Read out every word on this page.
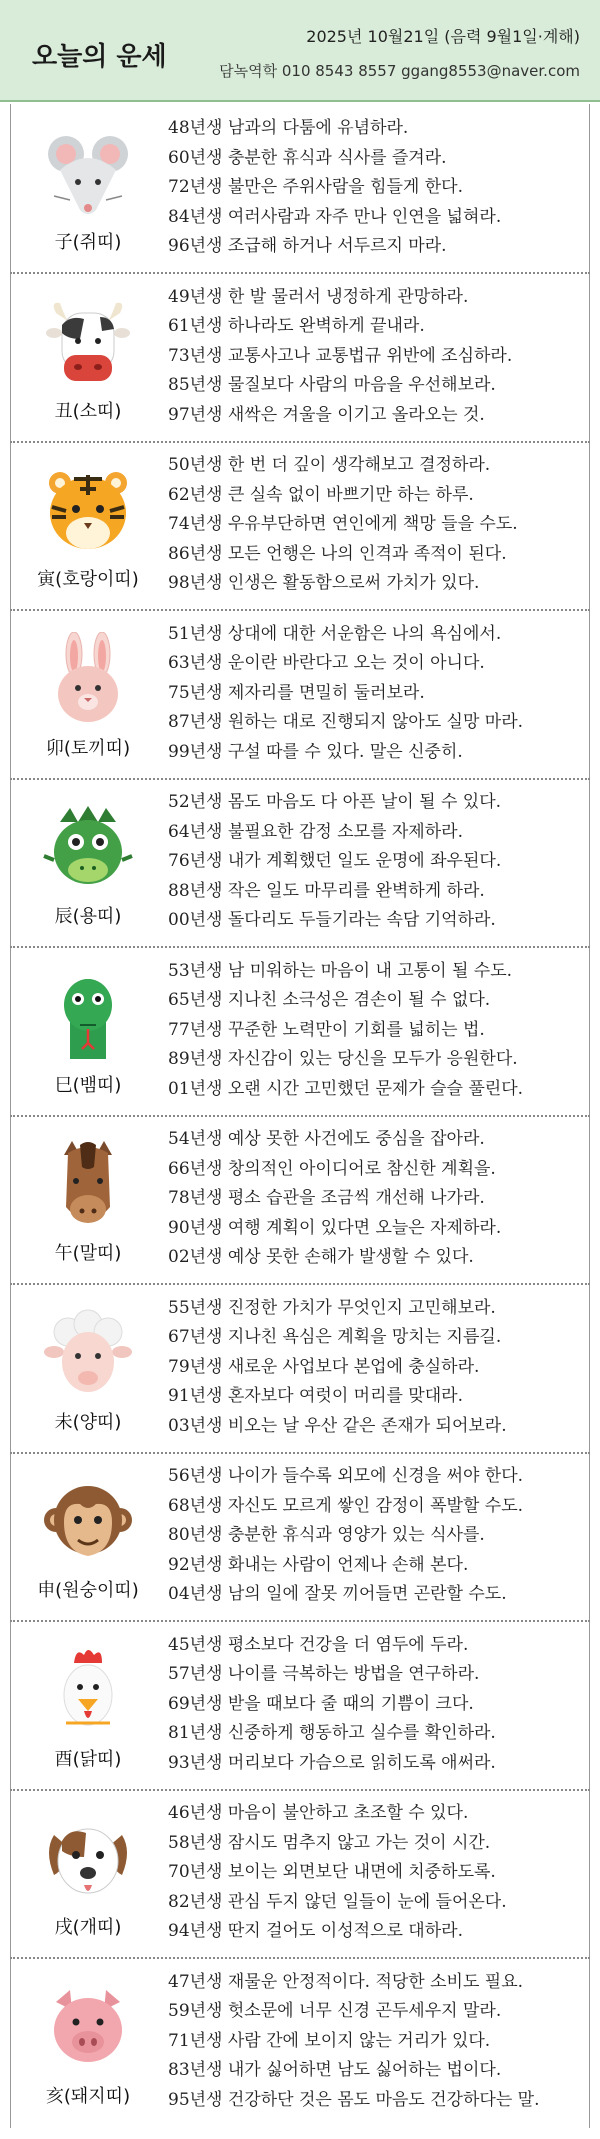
오늘의 운세
2025년 10월21일 (음력 9월1일·계해)
담녹역학 010 8543 8557 ggang8553@naver.com
子(쥐띠)
48년생 남과의 다툼에 유념하라.
60년생 충분한 휴식과 식사를 즐겨라.
72년생 불만은 주위사람을 힘들게 한다.
84년생 여러사람과 자주 만나 인연을 넓혀라.
96년생 조급해 하거나 서두르지 마라.
丑(소띠)
49년생 한 발 물러서 냉정하게 관망하라.
61년생 하나라도 완벽하게 끝내라.
73년생 교통사고나 교통법규 위반에 조심하라.
85년생 물질보다 사람의 마음을 우선해보라.
97년생 새싹은 겨울을 이기고 올라오는 것.
寅(호랑이띠)
50년생 한 번 더 깊이 생각해보고 결정하라.
62년생 큰 실속 없이 바쁘기만 하는 하루.
74년생 우유부단하면 연인에게 책망 들을 수도.
86년생 모든 언행은 나의 인격과 족적이 된다.
98년생 인생은 활동함으로써 가치가 있다.
卯(토끼띠)
51년생 상대에 대한 서운함은 나의 욕심에서.
63년생 운이란 바란다고 오는 것이 아니다.
75년생 제자리를 면밀히 둘러보라.
87년생 원하는 대로 진행되지 않아도 실망 마라.
99년생 구설 따를 수 있다. 말은 신중히.
辰(용띠)
52년생 몸도 마음도 다 아픈 날이 될 수 있다.
64년생 불필요한 감정 소모를 자제하라.
76년생 내가 계획했던 일도 운명에 좌우된다.
88년생 작은 일도 마무리를 완벽하게 하라.
00년생 돌다리도 두들기라는 속담 기억하라.
巳(뱀띠)
53년생 남 미워하는 마음이 내 고통이 될 수도.
65년생 지나친 소극성은 겸손이 될 수 없다.
77년생 꾸준한 노력만이 기회를 넓히는 법.
89년생 자신감이 있는 당신을 모두가 응원한다.
01년생 오랜 시간 고민했던 문제가 슬슬 풀린다.
午(말띠)
54년생 예상 못한 사건에도 중심을 잡아라.
66년생 창의적인 아이디어로 참신한 계획을.
78년생 평소 습관을 조금씩 개선해 나가라.
90년생 여행 계획이 있다면 오늘은 자제하라.
02년생 예상 못한 손해가 발생할 수 있다.
未(양띠)
55년생 진정한 가치가 무엇인지 고민해보라.
67년생 지나친 욕심은 계획을 망치는 지름길.
79년생 새로운 사업보다 본업에 충실하라.
91년생 혼자보다 여럿이 머리를 맞대라.
03년생 비오는 날 우산 같은 존재가 되어보라.
申(원숭이띠)
56년생 나이가 들수록 외모에 신경을 써야 한다.
68년생 자신도 모르게 쌓인 감정이 폭발할 수도.
80년생 충분한 휴식과 영양가 있는 식사를.
92년생 화내는 사람이 언제나 손해 본다.
04년생 남의 일에 잘못 끼어들면 곤란할 수도.
酉(닭띠)
45년생 평소보다 건강을 더 염두에 두라.
57년생 나이를 극복하는 방법을 연구하라.
69년생 받을 때보다 줄 때의 기쁨이 크다.
81년생 신중하게 행동하고 실수를 확인하라.
93년생 머리보다 가슴으로 읽히도록 애써라.
戌(개띠)
46년생 마음이 불안하고 초조할 수 있다.
58년생 잠시도 멈추지 않고 가는 것이 시간.
70년생 보이는 외면보단 내면에 치중하도록.
82년생 관심 두지 않던 일들이 눈에 들어온다.
94년생 딴지 걸어도 이성적으로 대하라.
亥(돼지띠)
47년생 재물운 안정적이다. 적당한 소비도 필요.
59년생 헛소문에 너무 신경 곤두세우지 말라.
71년생 사람 간에 보이지 않는 거리가 있다.
83년생 내가 싫어하면 남도 싫어하는 법이다.
95년생 건강하단 것은 몸도 마음도 건강하다는 말.
